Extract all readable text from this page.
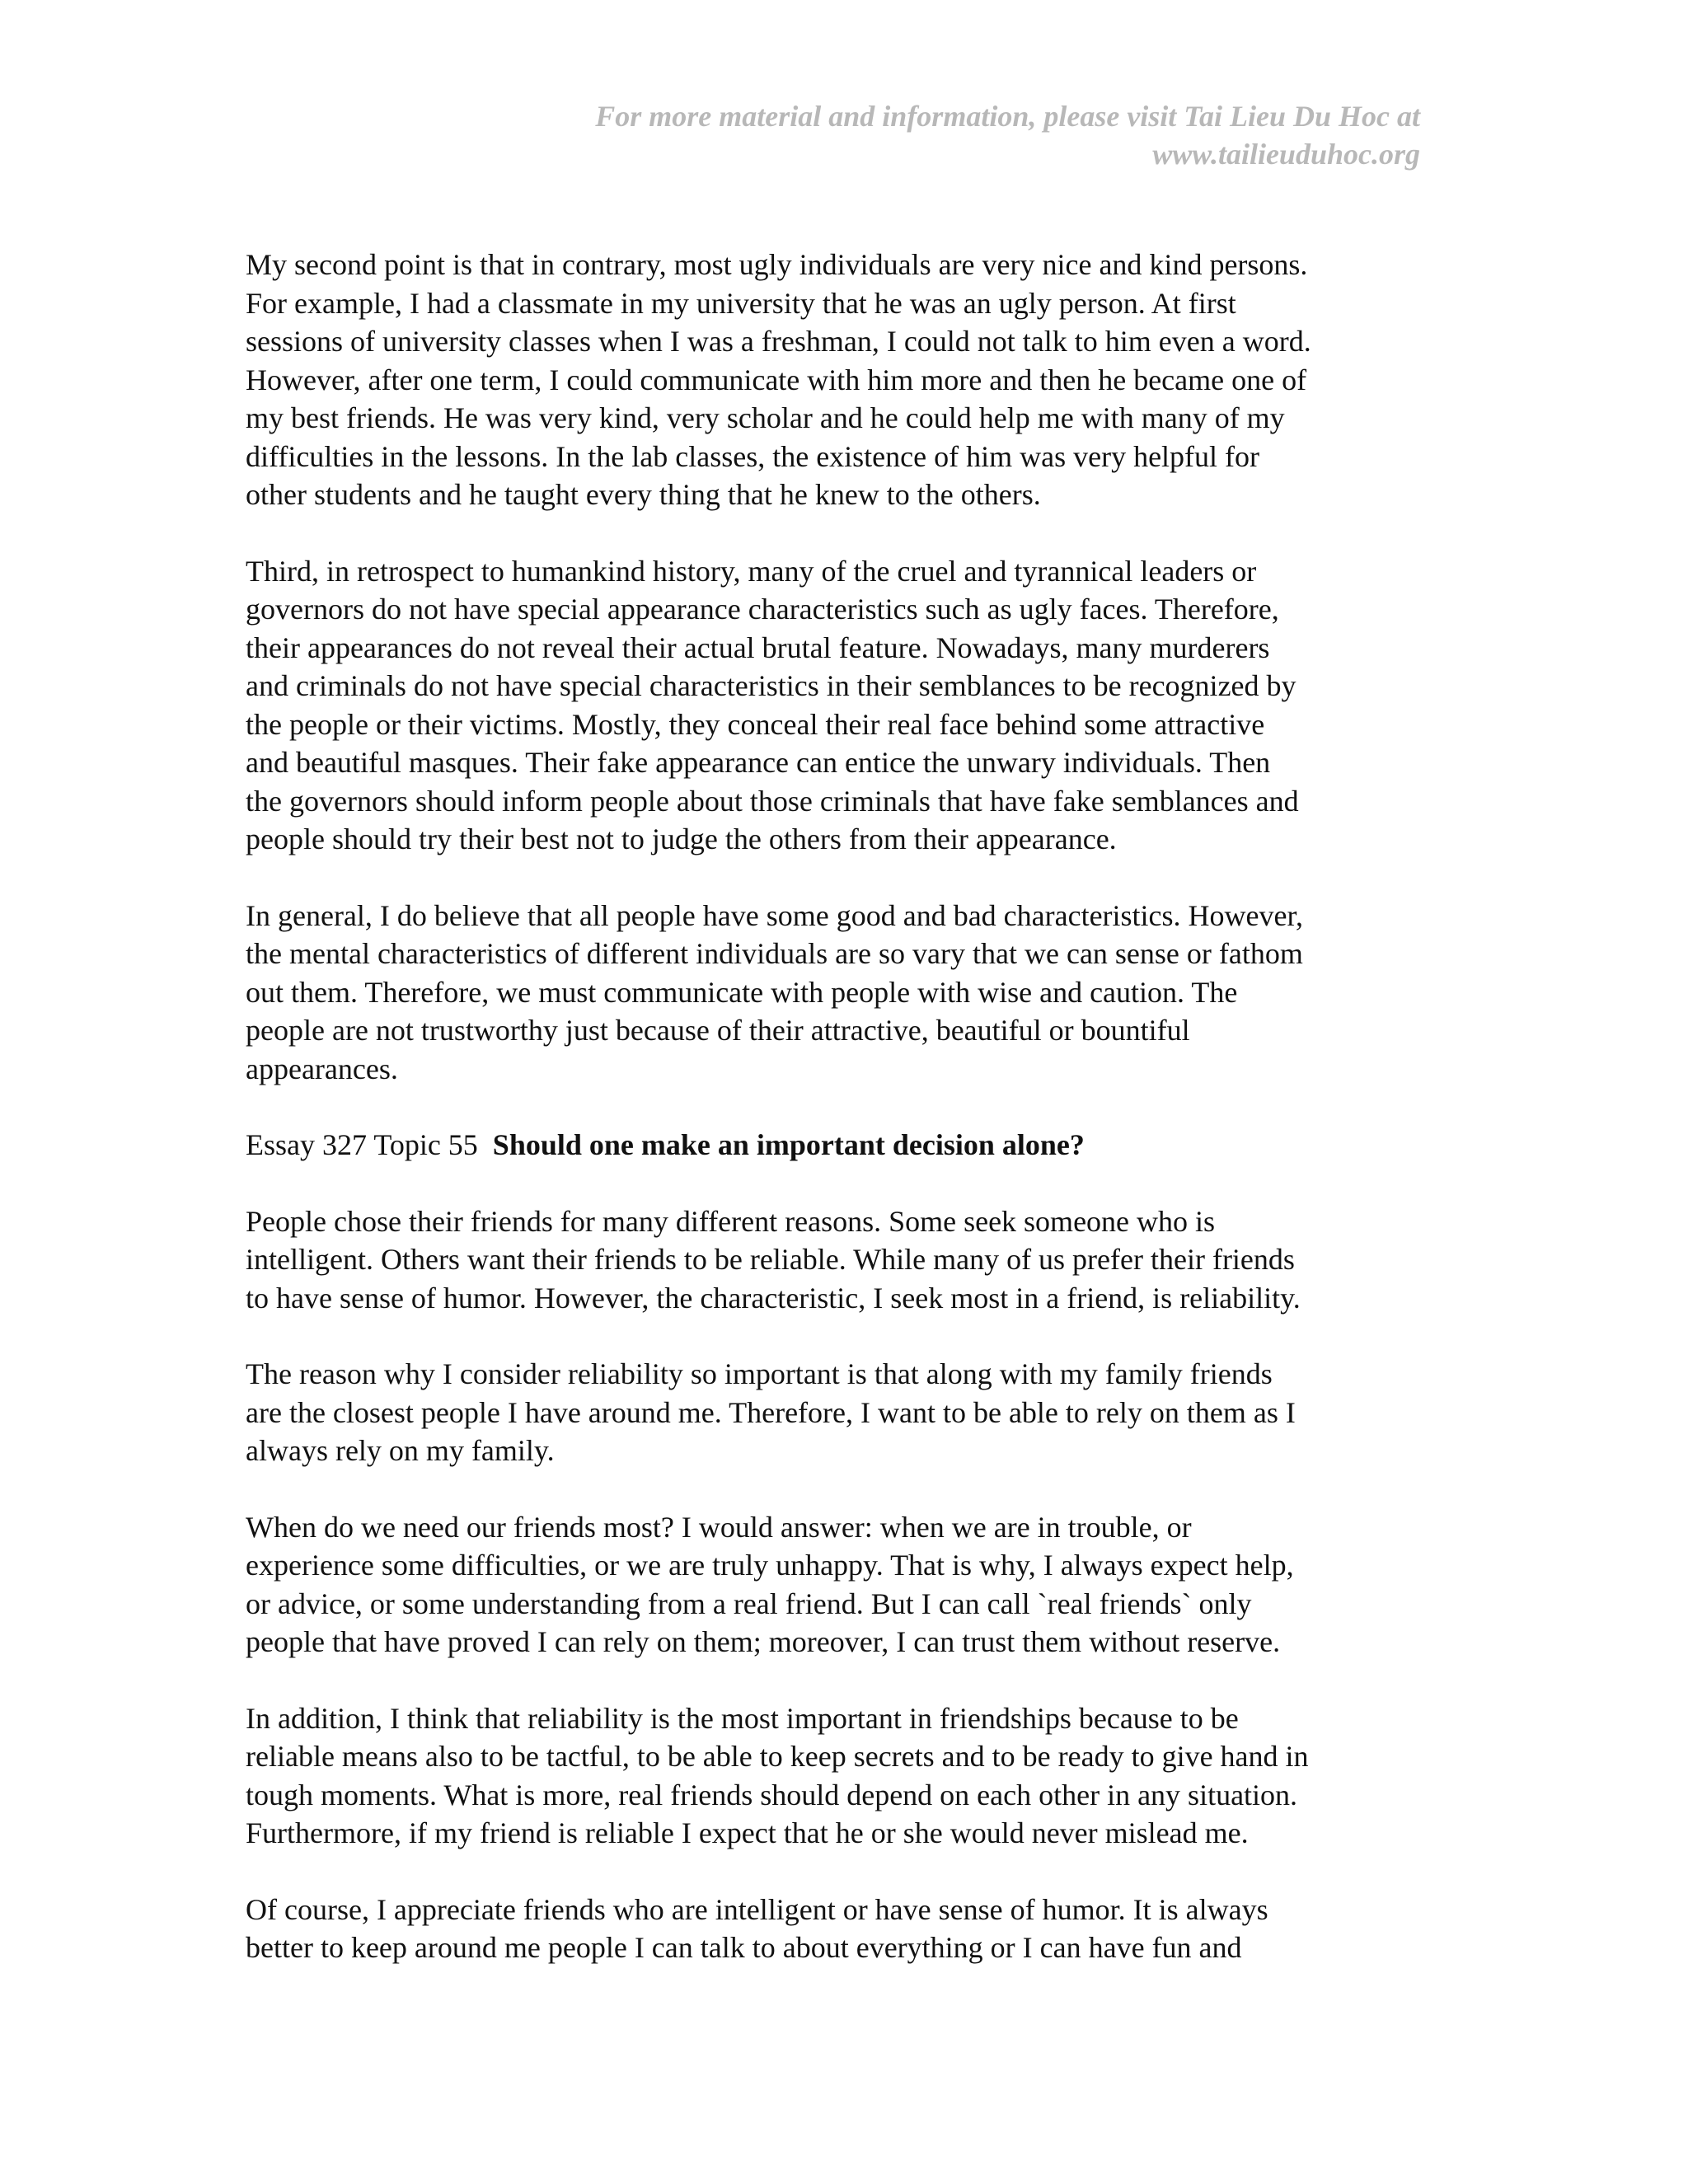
For more material and information, please visit Tai Lieu Du Hoc at
www.tailieuduhoc.org

My second point is that in contrary, most ugly individuals are very nice and kind persons.
For example, I had a classmate in my university that he was an ugly person. At first
sessions of university classes when I was a freshman, I could not talk to him even a word.
However, after one term, I could communicate with him more and then he became one of
my best friends. He was very kind, very scholar and he could help me with many of my
difficulties in the lessons. In the lab classes, the existence of him was very helpful for
other students and he taught every thing that he knew to the others.

Third, in retrospect to humankind history, many of the cruel and tyrannical leaders or
governors do not have special appearance characteristics such as ugly faces. Therefore,
their appearances do not reveal their actual brutal feature. Nowadays, many murderers
and criminals do not have special characteristics in their semblances to be recognized by
the people or their victims. Mostly, they conceal their real face behind some attractive
and beautiful masques. Their fake appearance can entice the unwary individuals. Then
the governors should inform people about those criminals that have fake semblances and
people should try their best not to judge the others from their appearance.

In general, I do believe that all people have some good and bad characteristics. However,
the mental characteristics of different individuals are so vary that we can sense or fathom
out them. Therefore, we must communicate with people with wise and caution. The
people are not trustworthy just because of their attractive, beautiful or bountiful
appearances.

Essay 327 Topic 55 Should one make an important decision alone?

People chose their friends for many different reasons. Some seek someone who is
intelligent. Others want their friends to be reliable. While many of us prefer their friends
to have sense of humor. However, the characteristic, I seek most in a friend, is reliability.

The reason why I consider reliability so important is that along with my family friends
are the closest people I have around me. Therefore, I want to be able to rely on them as I
always rely on my family.

When do we need our friends most? I would answer: when we are in trouble, or
experience some difficulties, or we are truly unhappy. That is why, I always expect help,
or advice, or some understanding from a real friend. But I can call `real friends` only
people that have proved I can rely on them; moreover, I can trust them without reserve.

In addition, I think that reliability is the most important in friendships because to be
reliable means also to be tactful, to be able to keep secrets and to be ready to give hand in
tough moments. What is more, real friends should depend on each other in any situation.
Furthermore, if my friend is reliable I expect that he or she would never mislead me.

Of course, I appreciate friends who are intelligent or have sense of humor. It is always
better to keep around me people I can talk to about everything or I can have fun and
